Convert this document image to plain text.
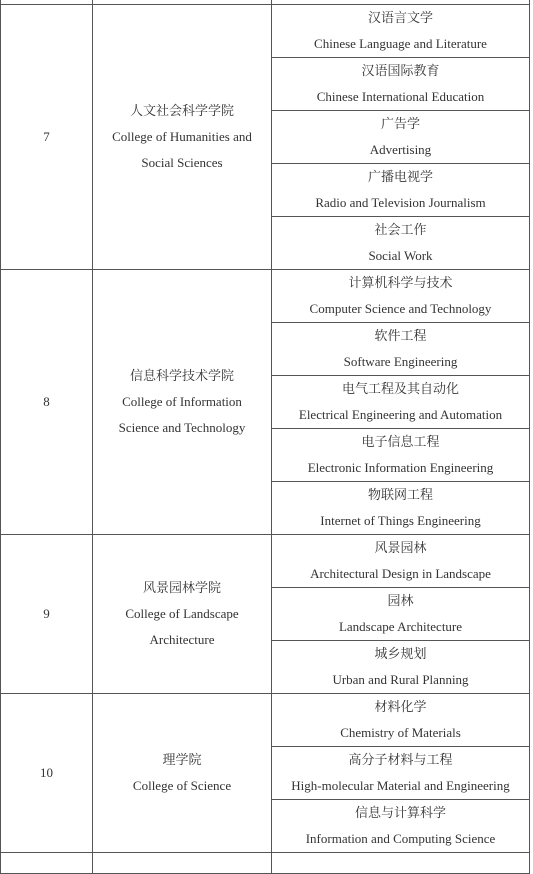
7	人文社会科学学院
College of Humanities and
Social Sciences	汉语言文学
Chinese Language and Literature

		汉语国际教育
Chinese International Education

		广告学
Advertising

		广播电视学
Radio and Television Journalism

		社会工作
Social Work

8	信息科学技术学院
College of Information
Science and Technology	计算机科学与技术
Computer Science and Technology

		软件工程
Software Engineering

		电气工程及其自动化
Electrical Engineering and Automation

		电子信息工程
Electronic Information Engineering

		物联网工程
Internet of Things Engineering

9	风景园林学院
College of Landscape
Architecture	风景园林
Architectural Design in Landscape

		园林
Landscape Architecture

		城乡规划
Urban and Rural Planning

10	理学院
College of Science	材料化学
Chemistry of Materials

		高分子材料与工程
High-molecular Material and Engineering

		信息与计算科学
Information and Computing Science
